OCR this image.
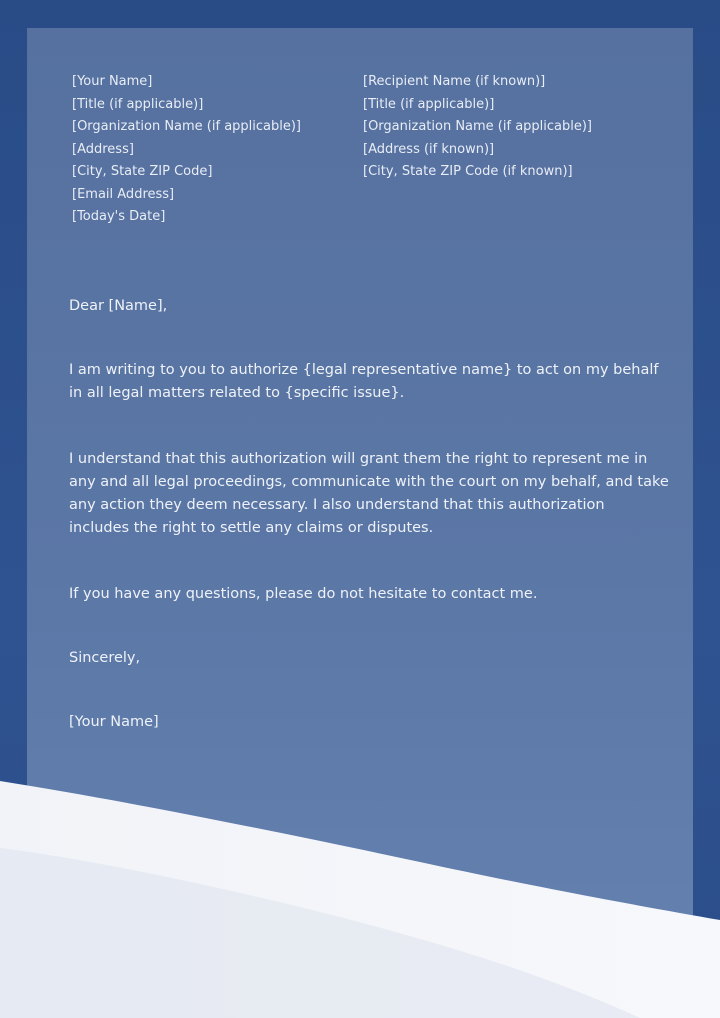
[Your Name]
[Title (if applicable)]
[Organization Name (if applicable)]
[Address]
[City, State ZIP Code]
[Email Address]
[Today's Date]
[Recipient Name (if known)]
[Title (if applicable)]
[Organization Name (if applicable)]
[Address (if known)]
[City, State ZIP Code (if known)]
Dear [Name],
I am writing to you to authorize {legal representative name} to act on my behalf in all legal matters related to {specific issue}.
I understand that this authorization will grant them the right to represent me in any and all legal proceedings, communicate with the court on my behalf, and take any action they deem necessary. I also understand that this authorization includes the right to settle any claims or disputes.
If you have any questions, please do not hesitate to contact me.
Sincerely,
[Your Name]
